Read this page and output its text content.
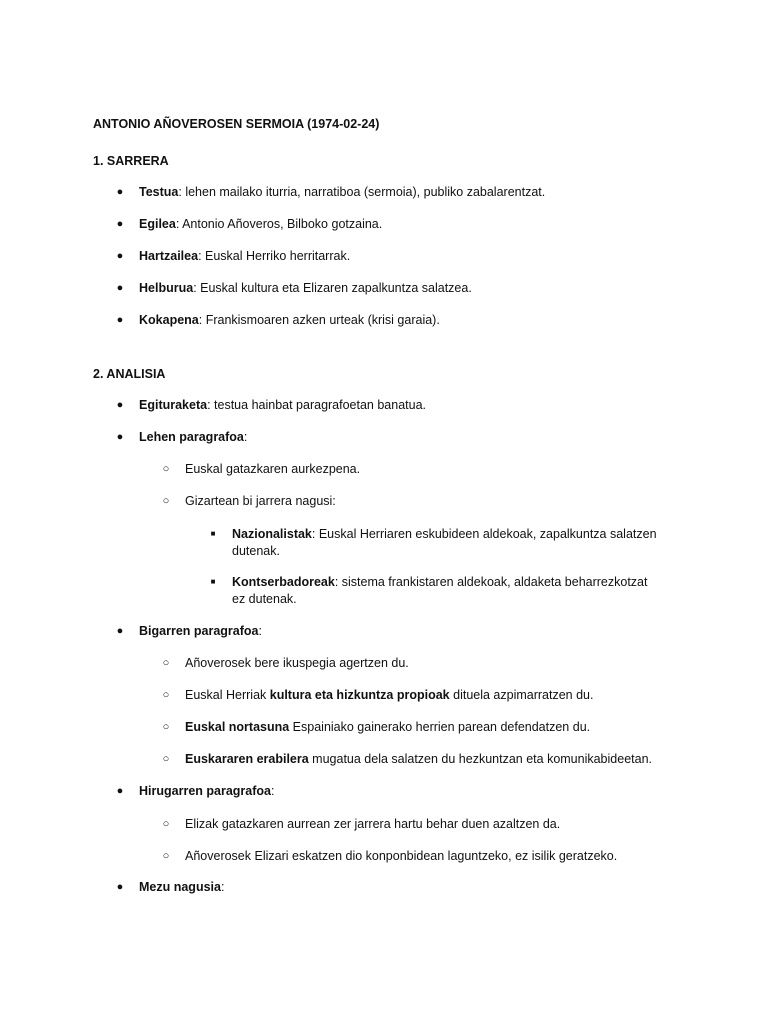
ANTONIO AÑOVEROSEN SERMOIA (1974-02-24)
1. SARRERA
● Testua: lehen mailako iturria, narratiboa (sermoia), publiko zabalarentzat.
● Egilea: Antonio Añoveros, Bilboko gotzaina.
● Hartzailea: Euskal Herriko herritarrak.
● Helburua: Euskal kultura eta Elizaren zapalkuntza salatzea.
● Kokapena: Frankismoaren azken urteak (krisi garaia).
2. ANALISIA
● Egituraketa: testua hainbat paragrafoetan banatua.
● Lehen paragrafoa:
○ Euskal gatazkaren aurkezpena.
○ Gizartean bi jarrera nagusi:
■ Nazionalistak: Euskal Herriaren eskubideen aldekoak, zapalkuntza salatzen
dutenak.
■ Kontserbadoreak: sistema frankistaren aldekoak, aldaketa beharrezkotzat
ez dutenak.
● Bigarren paragrafoa:
○ Añoverosek bere ikuspegia agertzen du.
○ Euskal Herriak kultura eta hizkuntza propioak dituela azpimarratzen du.
○ Euskal nortasuna Espainiako gainerako herrien parean defendatzen du.
○ Euskararen erabilera mugatua dela salatzen du hezkuntzan eta komunikabideetan.
● Hirugarren paragrafoa:
○ Elizak gatazkaren aurrean zer jarrera hartu behar duen azaltzen da.
○ Añoverosek Elizari eskatzen dio konponbidean laguntzeko, ez isilik geratzeko.
● Mezu nagusia:
